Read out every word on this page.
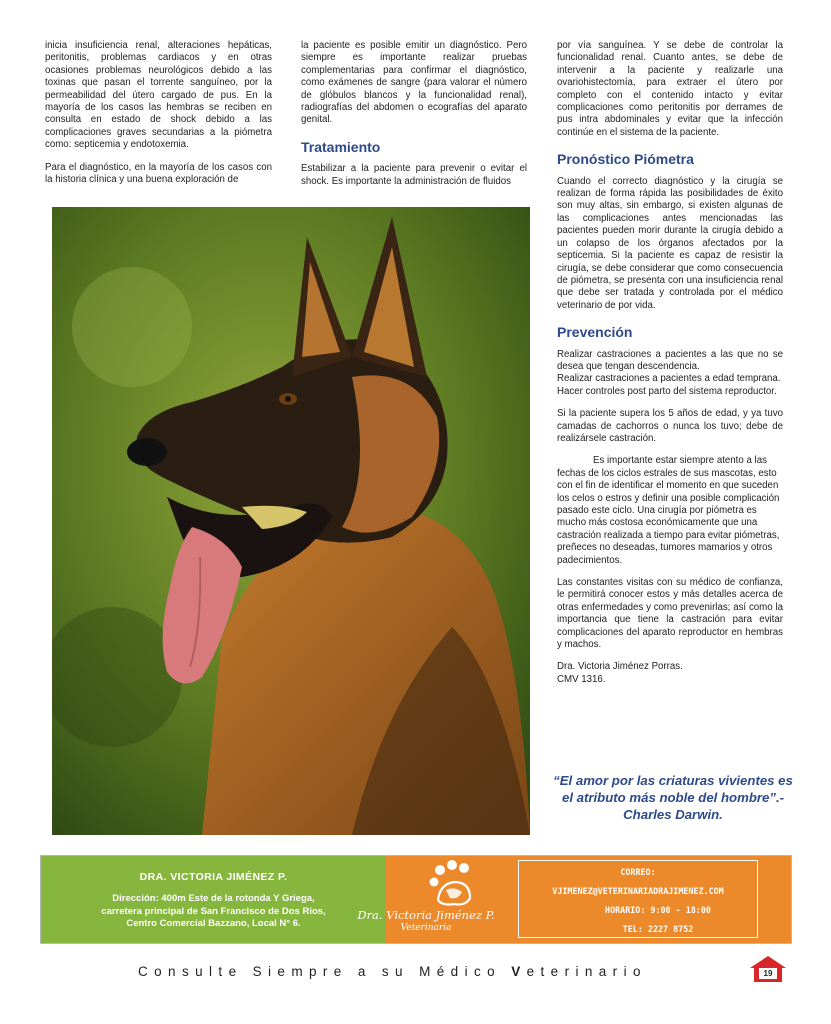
inicia insuficiencia renal, alteraciones hepáticas, peritonitis, problemas cardiacos y en otras ocasiones problemas neurológicos debido a las toxinas que pasan el torrente sanguíneo, por la permeabilidad del útero cargado de pus. En la mayoría de los casos las hembras se reciben en consulta en estado de shock debido a las complicaciones graves secundarias a la piómetra como: septicemia y endotoxemia.

Para el diagnóstico, en la mayoría de los casos con la historia clínica y una buena exploración de

la paciente es posible emitir un diagnóstico. Pero siempre es importante realizar pruebas complementarias para confirmar el diagnóstico, como exámenes de sangre (para valorar el número de glóbulos blancos y la funcionalidad renal), radiografías del abdomen o ecografías del aparato genital.

Tratamiento

Estabilizar a la paciente para prevenir o evitar el shock. Es importante la administración de fluidos

por vía sanguínea. Y se debe de controlar la funcionalidad renal. Cuanto antes, se debe de intervenir a la paciente y realizarle una ovariohistectomía, para extraer el útero por completo con el contenido intacto y evitar complicaciones como peritonitis por derrames de pus intra abdominales y evitar que la infección continúe en el sistema de la paciente.

Pronóstico Piómetra

Cuando el correcto diagnóstico y la cirugía se realizan de forma rápida las posibilidades de éxito son muy altas, sin embargo, si existen algunas de las complicaciones antes mencionadas las pacientes pueden morir durante la cirugía debido a un colapso de los órganos afectados por la septicemia. Si la paciente es capaz de resistir la cirugía, se debe considerar que como consecuencia de piómetra, se presenta con una insuficiencia renal que debe ser tratada y controlada por el médico veterinario de por vida.

Prevención

Realizar castraciones a pacientes a las que no se desea que tengan descendencia.

Realizar castraciones a pacientes a edad temprana.

Hacer controles post parto del sistema reproductor.

Si la paciente supera los 5 años de edad, y ya tuvo camadas de cachorros o nunca los tuvo; debe de realizársele castración.

Es importante estar siempre atento a las fechas de los ciclos estrales de sus mascotas, esto con el fin de identificar el momento en que suceden los celos o estros y definir una posible complicación pasado este ciclo. Una cirugía por piómetra es mucho más costosa económicamente que una castración realizada a tiempo para evitar piómetras, preñeces no deseadas, tumores mamarios y otros padecimientos.

Las constantes visitas con su médico de confianza, le permitirá conocer estos y más detalles acerca de otras enfermedades y como prevenirlas; así como la importancia que tiene la castración para evitar complicaciones del aparato reproductor en hembras y machos.

Dra. Victoria Jiménez Porras.

CMV 1316.

“El amor por las criaturas vivientes es el atributo más noble del hombre”.-Charles Darwin.
DRA. VICTORIA JIMÉNEZ P.
Dirección: 400m Este de la rotonda Y Griega,
carretera principal de San Francisco de Dos Ríos,
Centro Comercial Bazzano, Local N° 6.
Dra. Victoria Jiménez P.
Veterinaria
CORREO:
VJIMENEZ@VETERINARIADRAJIMENEZ.COM
HORARIO: 9:00 - 18:00
TEL: 2227 8752
Consulte Siempre a su Médico Veterinario	19
